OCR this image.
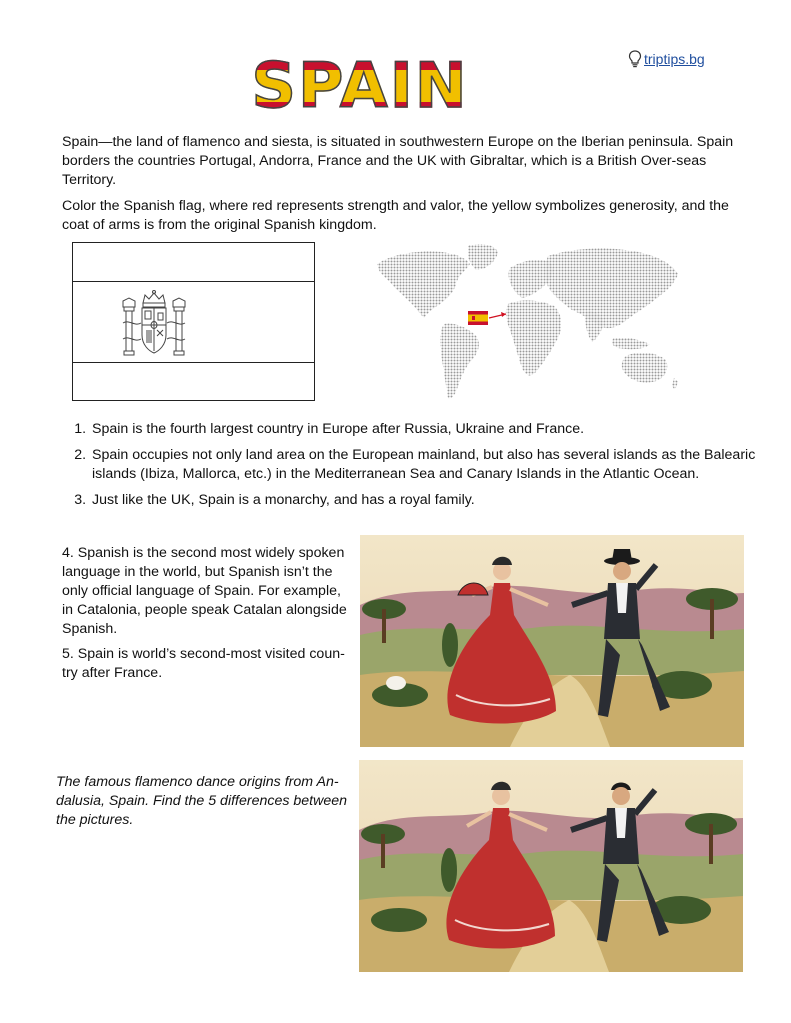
SPAIN	triptips.bg
Spain—the land of flamenco and siesta, is situated in southwestern Europe on the Iberian peninsula. Spain borders the countries Portugal, Andorra, France and the UK with Gibraltar, which is a British Over-seas Territory.
Color the Spanish flag, where red represents strength and valor, the yellow symbolizes generosity, and the coat of arms is from the original Spanish kingdom.
1. Spain is the fourth largest country in Europe after Russia, Ukraine and France.
2. Spain occupies not only land area on the European mainland, but also has several islands as the Balearic islands (Ibiza, Mallorca, etc.) in the Mediterranean Sea and Canary Islands in the Atlantic Ocean.
3. Just like the UK, Spain is a monarchy, and has a royal family.
4. Spanish is the second most widely spoken language in the world, but Spanish isn’t the only official language of Spain. For example, in Catalonia, people speak Catalan alongside Spanish.
5. Spain is world’s second-most visited coun-try after France.
The famous flamenco dance origins from An-dalusia, Spain. Find the 5 differences between the pictures.
